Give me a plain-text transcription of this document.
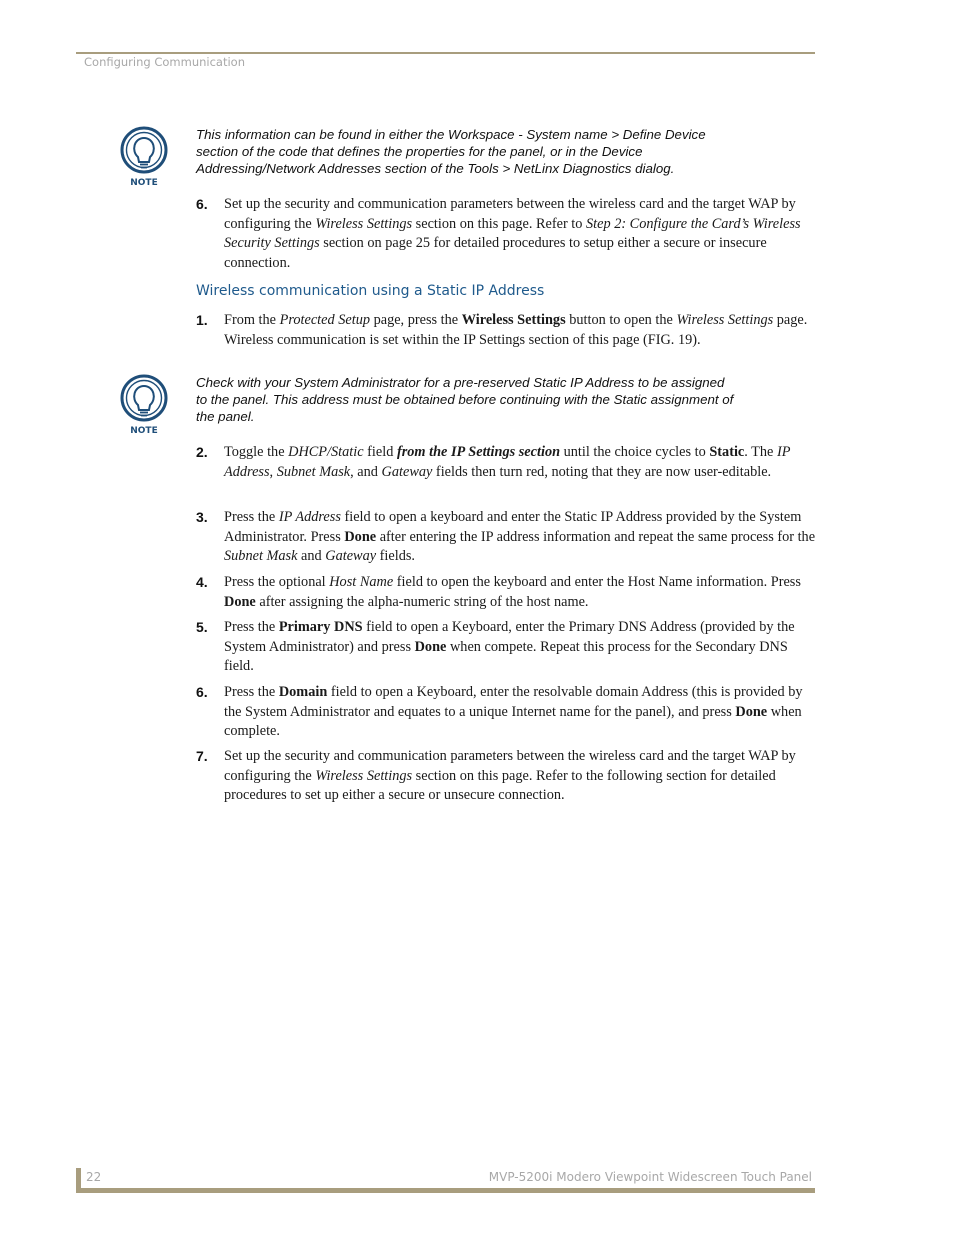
Configuring Communication
NOTE
This information can be found in either the Workspace - System name > Define Device section of the code that defines the properties for the panel, or in the Device Addressing/Network Addresses section of the Tools > NetLinx Diagnostics dialog.
6. Set up the security and communication parameters between the wireless card and the target WAP by configuring the Wireless Settings section on this page. Refer to Step 2: Configure the Card’s Wireless Security Settings section on page 25 for detailed procedures to setup either a secure or insecure connection.
Wireless communication using a Static IP Address
1. From the Protected Setup page, press the Wireless Settings button to open the Wireless Settings page. Wireless communication is set within the IP Settings section of this page (FIG. 19).
NOTE
Check with your System Administrator for a pre-reserved Static IP Address to be assigned to the panel. This address must be obtained before continuing with the Static assignment of the panel.
2. Toggle the DHCP/Static field from the IP Settings section until the choice cycles to Static. The IP Address, Subnet Mask, and Gateway fields then turn red, noting that they are now user-editable.
3. Press the IP Address field to open a keyboard and enter the Static IP Address provided by the System Administrator. Press Done after entering the IP address information and repeat the same process for the Subnet Mask and Gateway fields.
4. Press the optional Host Name field to open the keyboard and enter the Host Name information. Press Done after assigning the alpha-numeric string of the host name.
5. Press the Primary DNS field to open a Keyboard, enter the Primary DNS Address (provided by the System Administrator) and press Done when compete. Repeat this process for the Secondary DNS field.
6. Press the Domain field to open a Keyboard, enter the resolvable domain Address (this is provided by the System Administrator and equates to a unique Internet name for the panel), and press Done when complete.
7. Set up the security and communication parameters between the wireless card and the target WAP by configuring the Wireless Settings section on this page. Refer to the following section for detailed procedures to set up either a secure or unsecure connection.
22	MVP-5200i Modero Viewpoint Widescreen Touch Panel
